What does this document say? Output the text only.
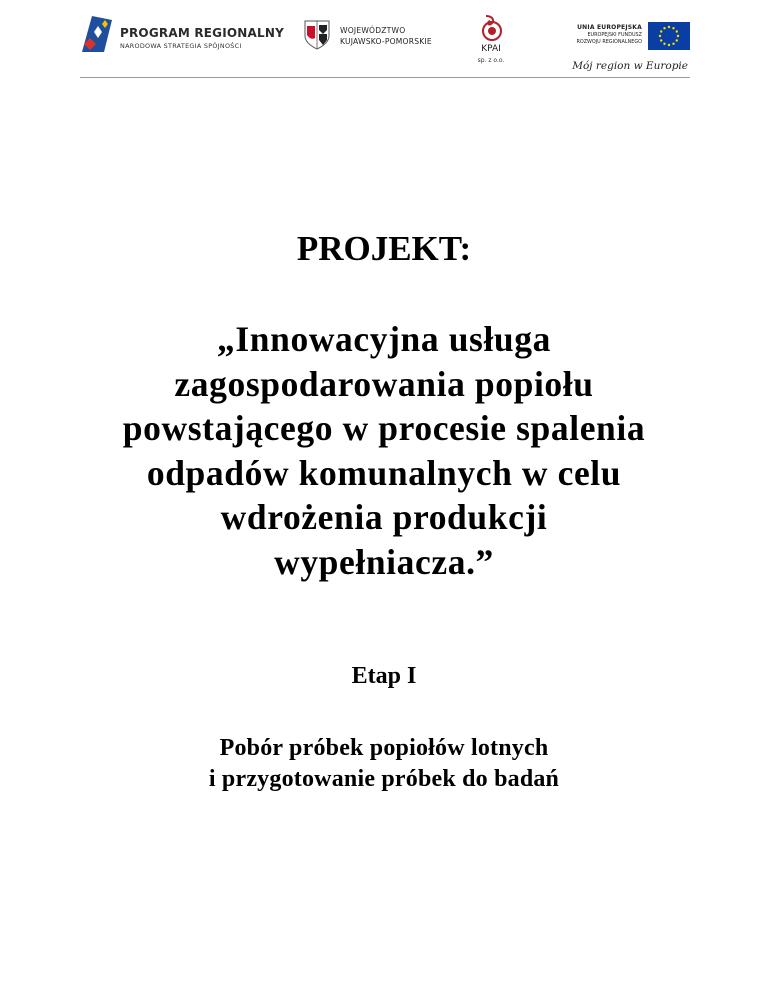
PROGRAM REGIONALNY
NARODOWA STRATEGIA SPÓJNOŚCI
WOJEWÓDZTWO
KUJAWSKO-POMORSKIE
KPAI
sp. z o.o.
UNIA EUROPEJSKA
EUROPEJSKI FUNDUSZ
ROZWOJU REGIONALNEGO
Mój region w Europie
PROJEKT:
„Innowacyjna usługa
zagospodarowania popiołu
powstającego w procesie spalenia
odpadów komunalnych w celu
wdrożenia produkcji
wypełniacza.”
Etap I
Pobór próbek popiołów lotnych
i przygotowanie próbek do badań
